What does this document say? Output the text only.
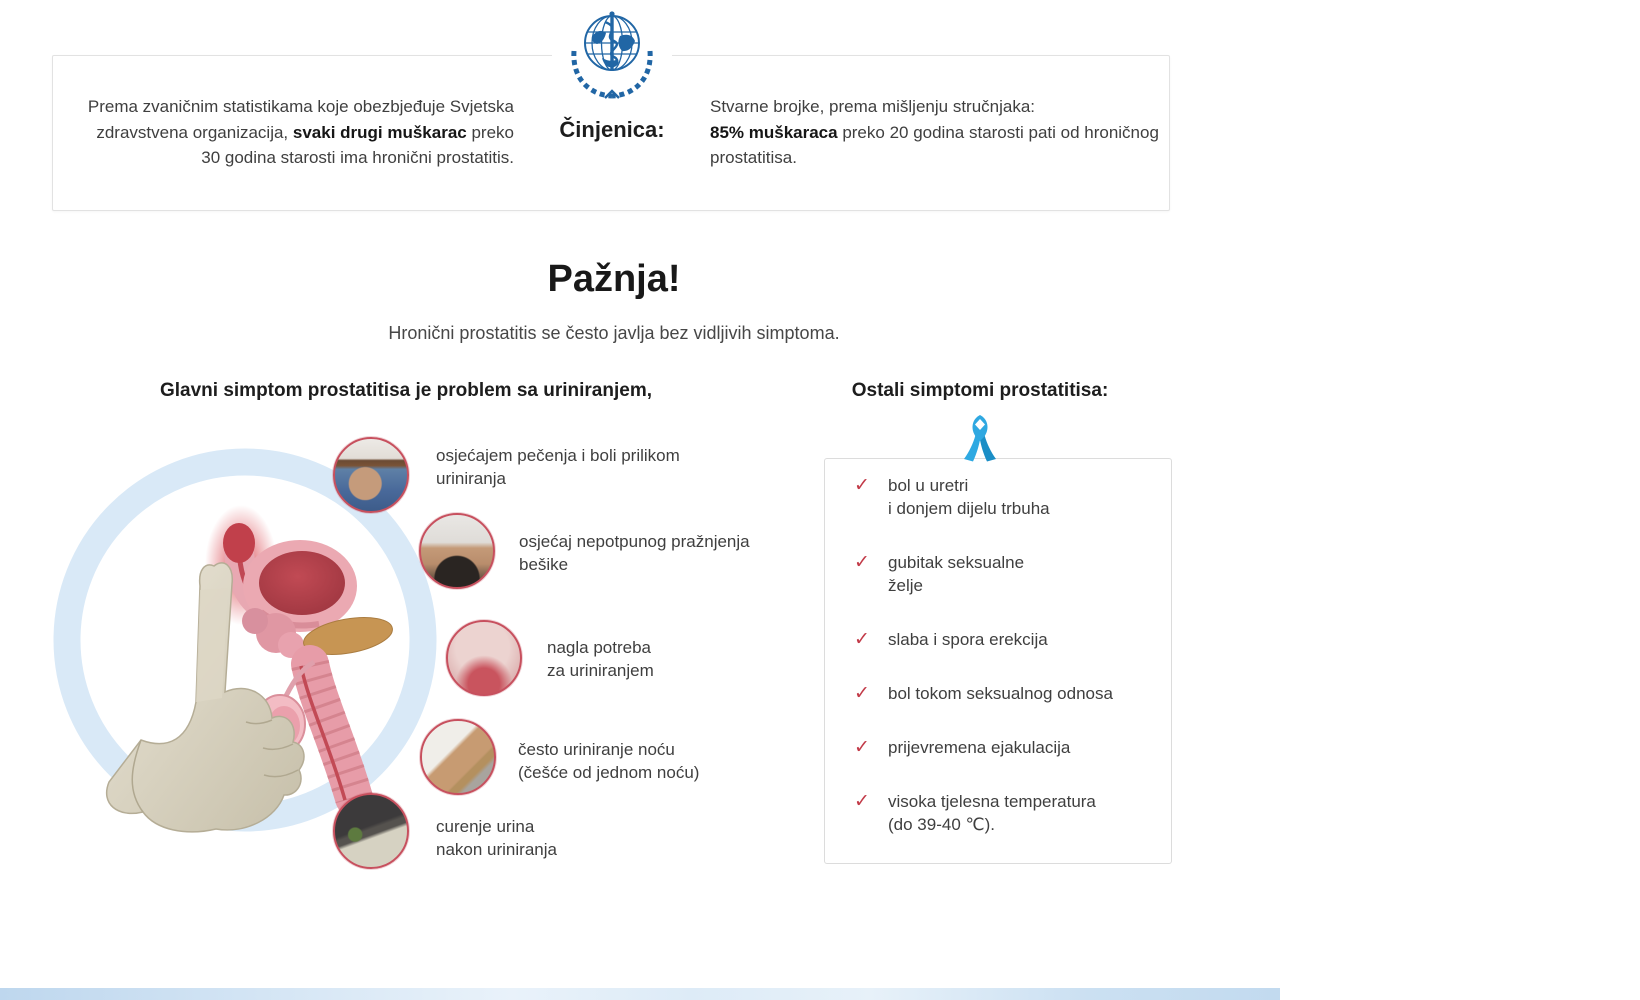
Prema zvaničnim statistikama koje obezbjeđuje Svjetska zdravstvena organizacija, svaki drugi muškarac preko 30 godina starosti ima hronični prostatitis.
Stvarne brojke, prema mišljenju stručnjaka:
85% muškaraca preko 20 godina starosti pati od hroničnog prostatitisa.
Činjenica:
Pažnja!
Hronični prostatitis se često javlja bez vidljivih simptoma.
Glavni simptom prostatitisa je problem sa uriniranjem,	Ostali simptomi prostatitisa:
osjećajem pečenja i boli prilikom
uriniranja
osjećaj nepotpunog pražnjenja
bešike
nagla potreba
za uriniranjem
često uriniranje noću
(češće od jednom noću)
curenje urina
nakon uriniranja
✓	bol u uretri
i donjem dijelu trbuha
✓	gubitak seksualne
želje
✓	slaba i spora erekcija
✓	bol tokom seksualnog odnosa
✓	prijevremena ejakulacija
✓	visoka tjelesna temperatura
(do 39-40 ℃).
